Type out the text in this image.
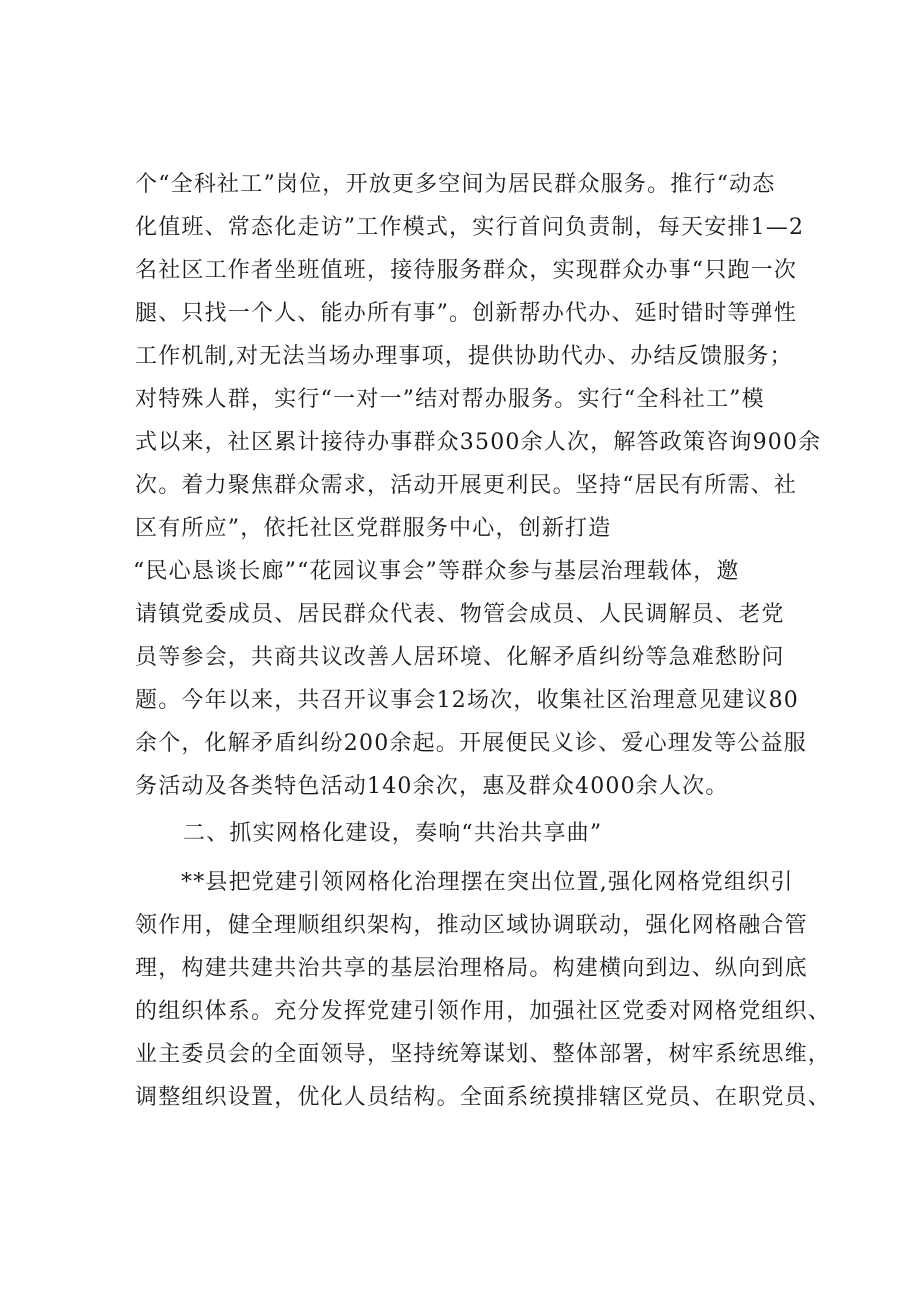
个“全科社工”岗位，开放更多空间为居民群众服务。推行“动态
化值班、常态化走访”工作模式，实行首问负责制，每天安排1—2
名社区工作者坐班值班，接待服务群众，实现群众办事“只跑一次
腿、只找一个人、能办所有事”。创新帮办代办、延时错时等弹性
工作机制,对无法当场办理事项，提供协助代办、办结反馈服务；
对特殊人群，实行“一对一”结对帮办服务。实行“全科社工”模
式以来，社区累计接待办事群众3500余人次，解答政策咨询900余
次。着力聚焦群众需求，活动开展更利民。坚持“居民有所需、社
区有所应”，依托社区党群服务中心，创新打造
“民心恳谈长廊”“花园议事会”等群众参与基层治理载体，邀
请镇党委成员、居民群众代表、物管会成员、人民调解员、老党
员等参会，共商共议改善人居环境、化解矛盾纠纷等急难愁盼问
题。今年以来，共召开议事会12场次，收集社区治理意见建议80
余个，化解矛盾纠纷200余起。开展便民义诊、爱心理发等公益服
务活动及各类特色活动140余次，惠及群众4000余人次。
二、抓实网格化建设，奏响“共治共享曲”
**县把党建引领网格化治理摆在突出位置,强化网格党组织引
领作用，健全理顺组织架构，推动区域协调联动，强化网格融合管
理，构建共建共治共享的基层治理格局。构建横向到边、纵向到底
的组织体系。充分发挥党建引领作用，加强社区党委对网格党组织、
业主委员会的全面领导，坚持统筹谋划、整体部署，树牢系统思维，
调整组织设置，优化人员结构。全面系统摸排辖区党员、在职党员、
